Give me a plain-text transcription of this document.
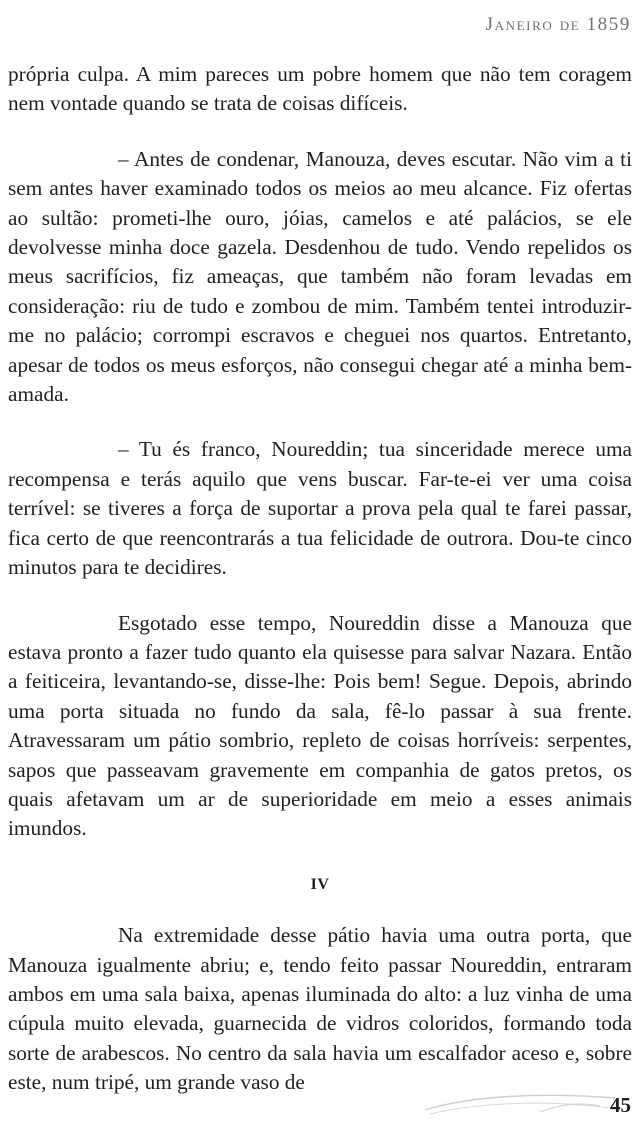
Janeiro de 1859

própria culpa. A mim pareces um pobre homem que não tem coragem nem vontade quando se trata de coisas difíceis.

– Antes de condenar, Manouza, deves escutar. Não vim a ti sem antes haver examinado todos os meios ao meu alcance. Fiz ofertas ao sultão: prometi-lhe ouro, jóias, camelos e até palácios, se ele devolvesse minha doce gazela. Desdenhou de tudo. Vendo repelidos os meus sacrifícios, fiz ameaças, que também não foram levadas em consideração: riu de tudo e zombou de mim. Também tentei introduzir-me no palácio; corrompi escravos e cheguei nos quartos. Entretanto, apesar de todos os meus esforços, não consegui chegar até a minha bem-amada.

– Tu és franco, Noureddin; tua sinceridade merece uma recompensa e terás aquilo que vens buscar. Far-te-ei ver uma coisa terrível: se tiveres a força de suportar a prova pela qual te farei passar, fica certo de que reencontrarás a tua felicidade de outrora. Dou-te cinco minutos para te decidires.

Esgotado esse tempo, Noureddin disse a Manouza que estava pronto a fazer tudo quanto ela quisesse para salvar Nazara. Então a feiticeira, levantando-se, disse-lhe: Pois bem! Segue. Depois, abrindo uma porta situada no fundo da sala, fê-lo passar à sua frente. Atravessaram um pátio sombrio, repleto de coisas horríveis: serpentes, sapos que passeavam gravemente em companhia de gatos pretos, os quais afetavam um ar de superioridade em meio a esses animais imundos.

IV

Na extremidade desse pátio havia uma outra porta, que Manouza igualmente abriu; e, tendo feito passar Noureddin, entraram ambos em uma sala baixa, apenas iluminada do alto: a luz vinha de uma cúpula muito elevada, guarnecida de vidros coloridos, formando toda sorte de arabescos. No centro da sala havia um escalfador aceso e, sobre este, num tripé, um grande vaso de

45
